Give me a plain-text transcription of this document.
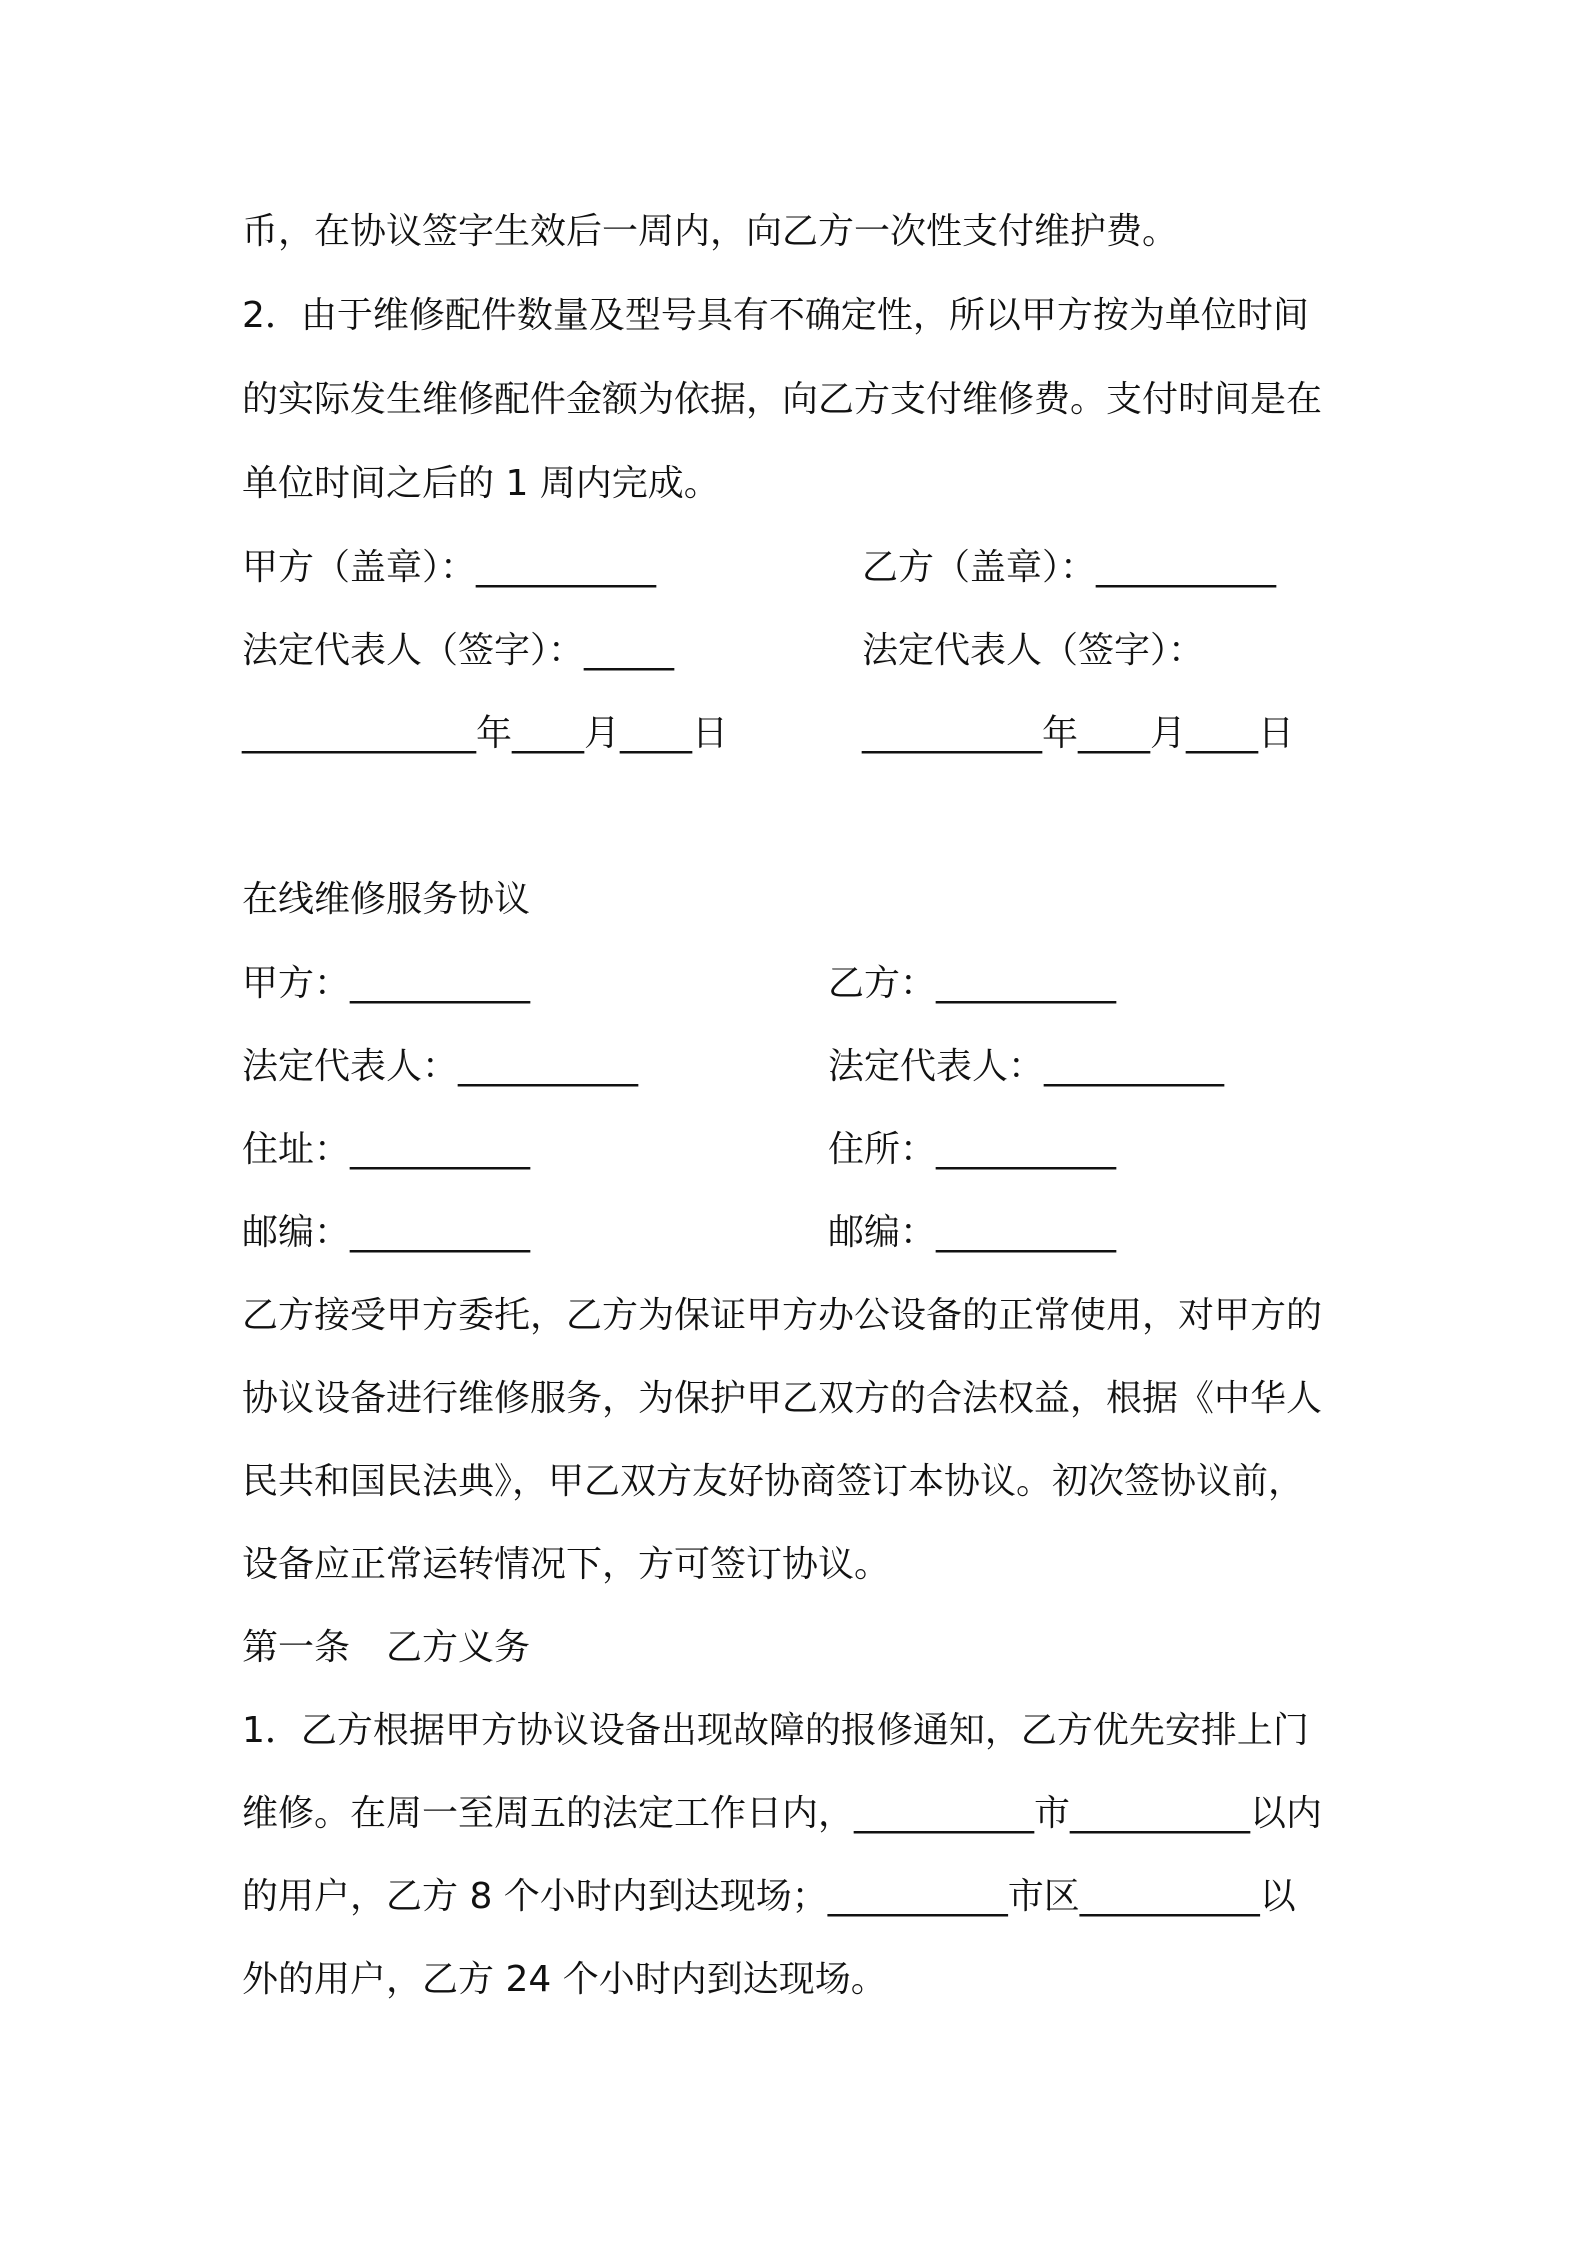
币，在协议签字生效后一周内，向乙方一次性支付维护费。
2．由于维修配件数量及型号具有不确定性，所以甲方按为单位时间
的实际发生维修配件金额为依据，向乙方支付维修费。支付时间是在
单位时间之后的 1 周内完成。
甲方（盖章）：__________	乙方（盖章）：__________
法定代表人（签字）：_____	法定代表人（签字）：
_____________年____月____日	__________年____月____日
在线维修服务协议
甲方：__________	乙方：__________
法定代表人：__________	法定代表人：__________
住址：__________	住所：__________
邮编：__________	邮编：__________
乙方接受甲方委托，乙方为保证甲方办公设备的正常使用，对甲方的
协议设备进行维修服务，为保护甲乙双方的合法权益，根据《中华人
民共和国民法典》，甲乙双方友好协商签订本协议。初次签协议前，
设备应正常运转情况下，方可签订协议。
第一条　乙方义务
1．乙方根据甲方协议设备出现故障的报修通知，乙方优先安排上门
维修。在周一至周五的法定工作日内，__________市__________以内
的用户，乙方 8 个小时内到达现场；__________市区__________以
外的用户，乙方 24 个小时内到达现场。
